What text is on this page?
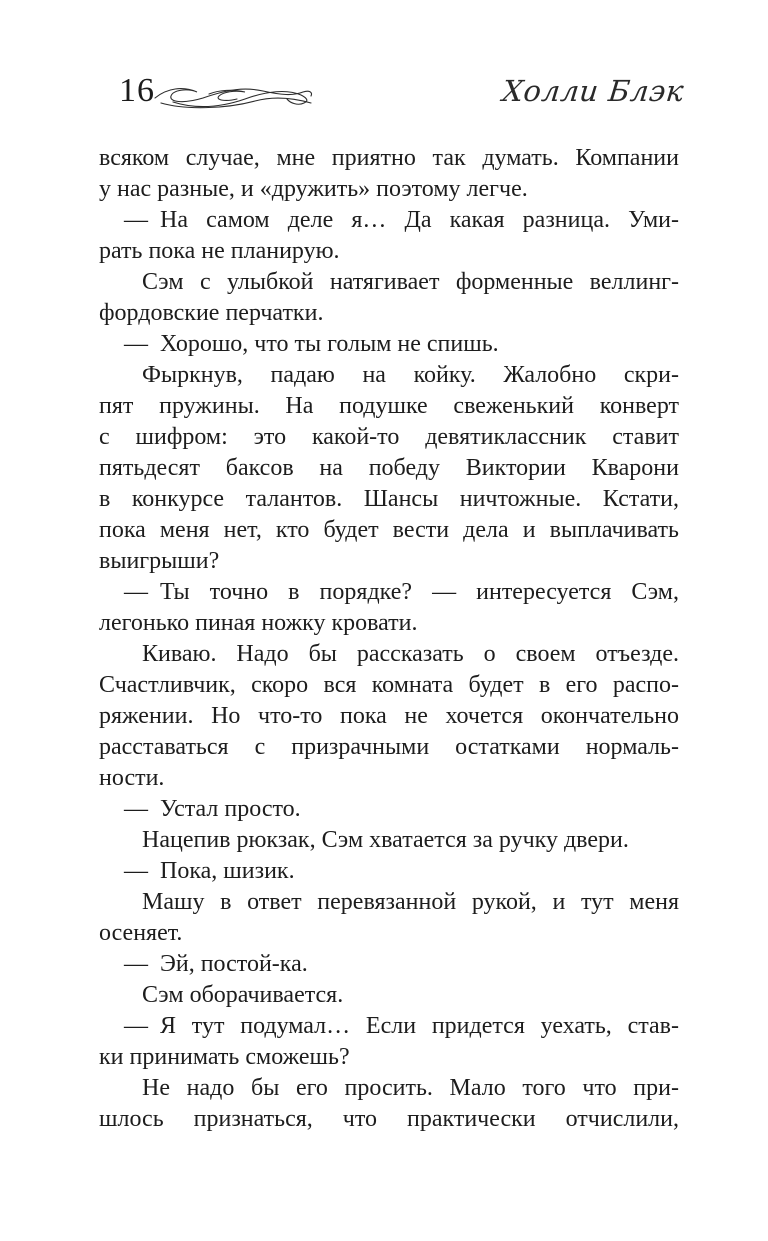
16	Холли Блэк
всяком случае, мне приятно так думать. Компании
у нас разные, и «дружить» поэтому легче.
— На самом деле я… Да какая разница. Уми-
рать пока не планирую.
Сэм с улыбкой натягивает форменные веллинг-
фордовские перчатки.
— Хорошо, что ты голым не спишь.
Фыркнув, падаю на койку. Жалобно скри-
пят пружины. На подушке свеженький конверт
с шифром: это какой-то девятиклассник ставит
пятьдесят баксов на победу Виктории Кварони
в конкурсе талантов. Шансы ничтожные. Кстати,
пока меня нет, кто будет вести дела и выплачивать
выигрыши?
— Ты точно в порядке? — интересуется Сэм,
легонько пиная ножку кровати.
Киваю. Надо бы рассказать о своем отъезде.
Счастливчик, скоро вся комната будет в его распо-
ряжении. Но что-то пока не хочется окончательно
расставаться с призрачными остатками нормаль-
ности.
— Устал просто.
Нацепив рюкзак, Сэм хватается за ручку двери.
— Пока, шизик.
Машу в ответ перевязанной рукой, и тут меня
осеняет.
— Эй, постой-ка.
Сэм оборачивается.
— Я тут подумал… Если придется уехать, став-
ки принимать сможешь?
Не надо бы его просить. Мало того что при-
шлось признаться, что практически отчислили,
